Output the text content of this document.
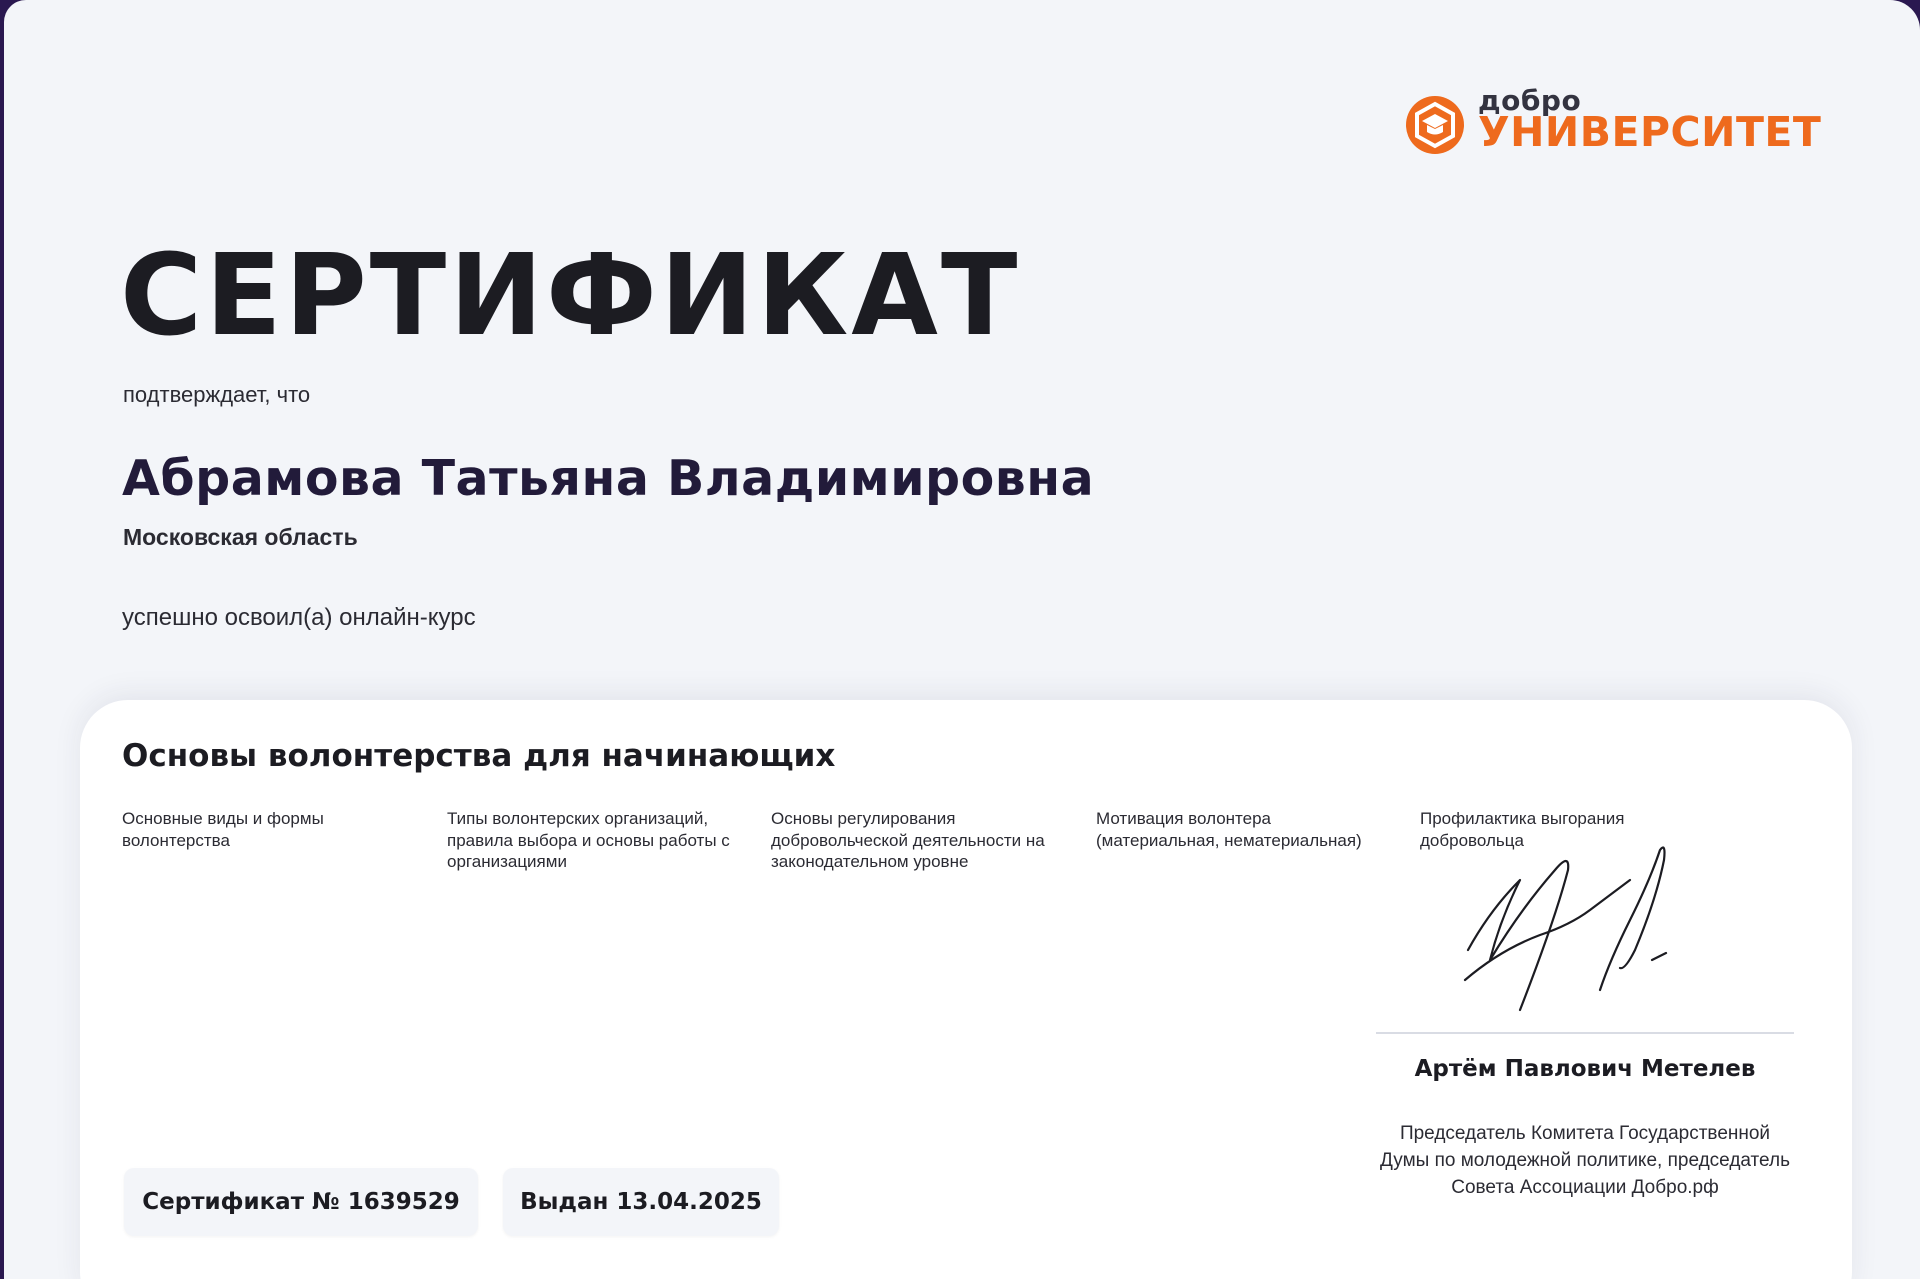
добро
УНИВЕРСИТЕТ
СЕРТИФИКАТ
подтверждает, что
Абрамова Татьяна Владимировна
Московская область
успешно освоил(а) онлайн-курс
Основы волонтерства для начинающих
Основные виды и формы волонтерства
Типы волонтерских организаций, правила выбора и основы работы с организациями
Основы регулирования добровольческой деятельности на законодательном уровне
Мотивация волонтера (материальная, нематериальная)
Профилактика выгорания добровольца
Сертификат № 1639529	Выдан 13.04.2025
Артём Павлович Метелев
Председатель Комитета Государственной Думы по молодежной политике, председатель Совета Ассоциации Добро.рф
